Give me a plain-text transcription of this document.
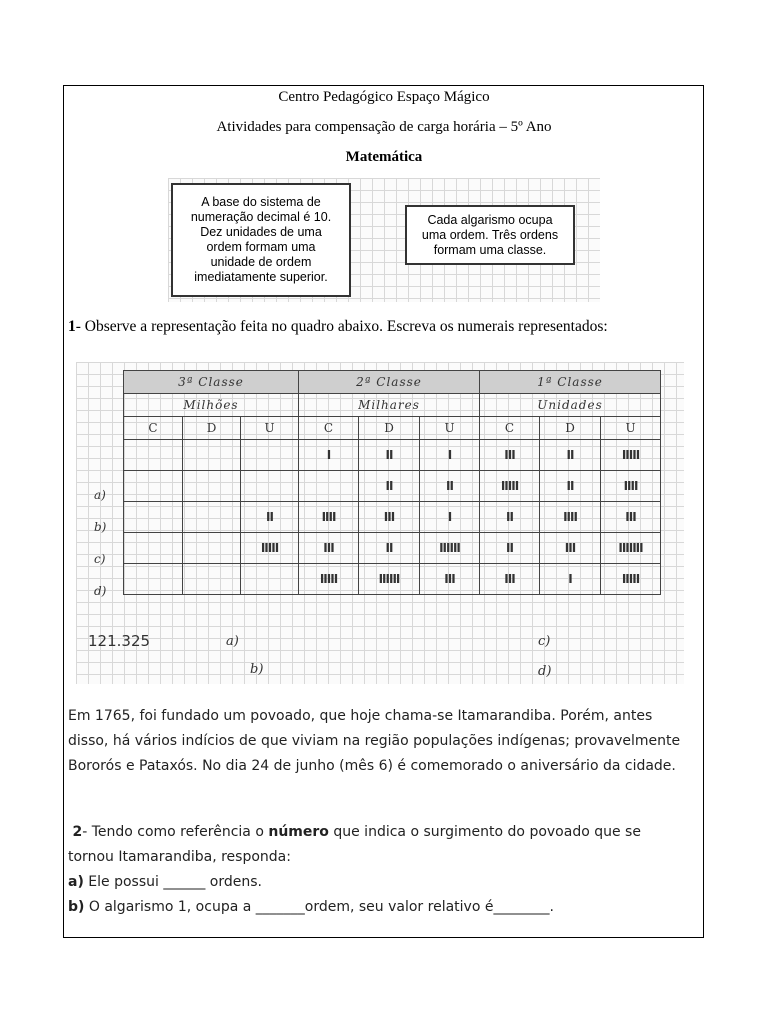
Centro Pedagógico Espaço Mágico
Atividades para compensação de carga horária – 5º Ano
Matemática
A base do sistema de
numeração decimal é 10.
Dez unidades de uma
ordem formam uma
unidade de ordem
imediatamente superior.
Cada algarismo ocupa
uma ordem. Três ordens
formam uma classe.
1- Observe a representação feita no quadro abaixo. Escreva os numerais representados:
3ª Classe			2ª Classe			1ª Classe		
Milhões			Milhares			Unidades		
C	D	U	C	D	U	C	D	U
			I	II	I	III	II	IIIII
				II	II	IIIII	II	IIII
		II	IIII	III	I	II	IIII	III
		IIIII	III	II	IIIIII	II	III	IIIIIII
			IIIII	IIIIII	III	III	I	IIIII
a)
b)
c)
d)
121.325	a)
b)
c)
d)
Em 1765, foi fundado um povoado, que hoje chama-se Itamarandiba. Porém, antes disso, há vários indícios de que viviam na região populações indígenas; provavelmente Bororós e Pataxós. No dia 24 de junho (mês 6) é comemorado o aniversário da cidade.
2- Tendo como referência o número que indica o surgimento do povoado que se tornou Itamarandiba, responda:
a) Ele possui ______ ordens.
b) O algarismo 1, ocupa a _______ordem, seu valor relativo é________.
